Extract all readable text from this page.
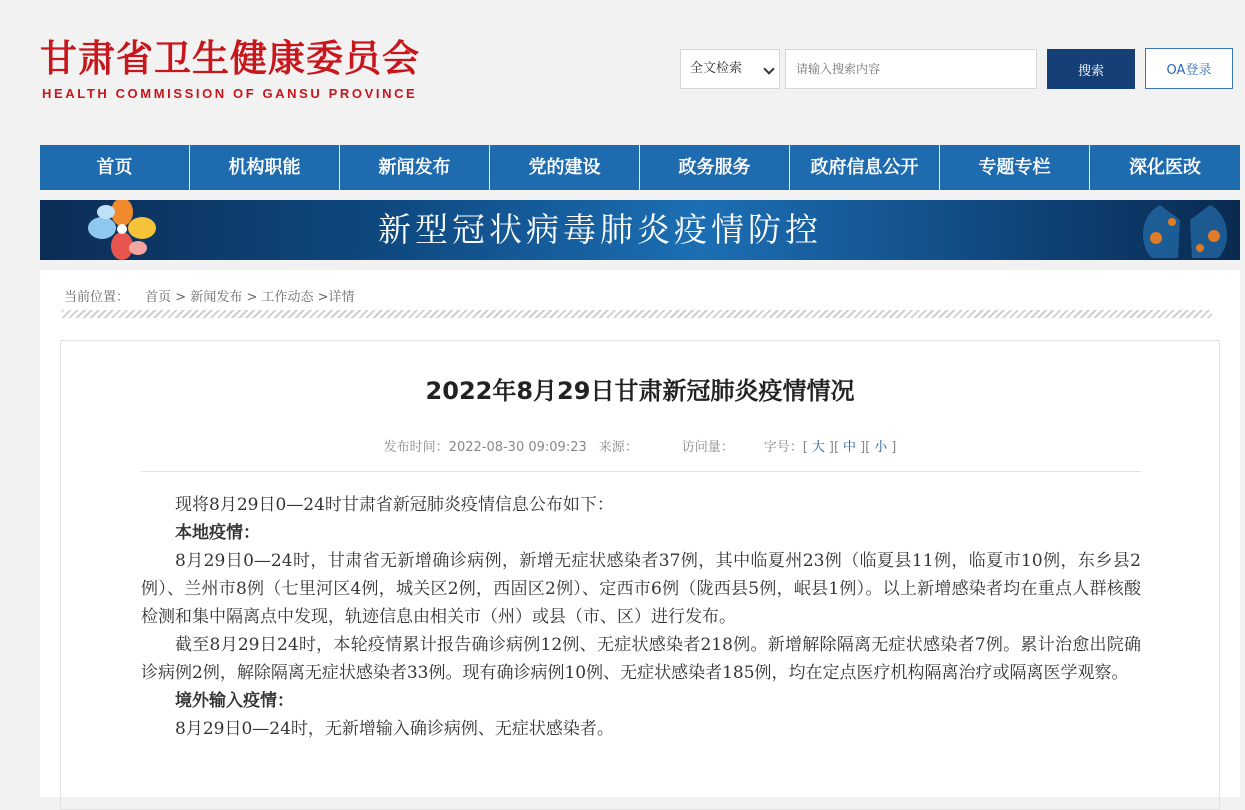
甘肃省卫生健康委员会
HEALTH COMMISSION OF GANSU PROVINCE
全文检索
请输入搜索内容	搜索	OA登录
首页	机构职能	新闻发布	党的建设	政务服务	政府信息公开	专题专栏	深化医改
新型冠状病毒肺炎疫情防控
当前位置： 首页 > 新闻发布 > 工作动态 >详情
2022年8月29日甘肃新冠肺炎疫情情况
发布时间：2022-08-30 09:09:23 来源：	访问量： 字号：[ 大 ][ 中 ][ 小 ]

现将8月29日0—24时甘肃省新冠肺炎疫情信息公布如下：

本地疫情：

8月29日0—24时，甘肃省无新增确诊病例，新增无症状感染者37例，其中临夏州23例（临夏县11例，临夏市10例，东乡县2例）、兰州市8例（七里河区4例，城关区2例，西固区2例）、定西市6例（陇西县5例，岷县1例）。以上新增感染者均在重点人群核酸检测和集中隔离点中发现，轨迹信息由相关市（州）或县（市、区）进行发布。

截至8月29日24时，本轮疫情累计报告确诊病例12例、无症状感染者218例。新增解除隔离无症状感染者7例。累计治愈出院确诊病例2例，解除隔离无症状感染者33例。现有确诊病例10例、无症状感染者185例，均在定点医疗机构隔离治疗或隔离医学观察。

境外输入疫情：

8月29日0—24时，无新增输入确诊病例、无症状感染者。
